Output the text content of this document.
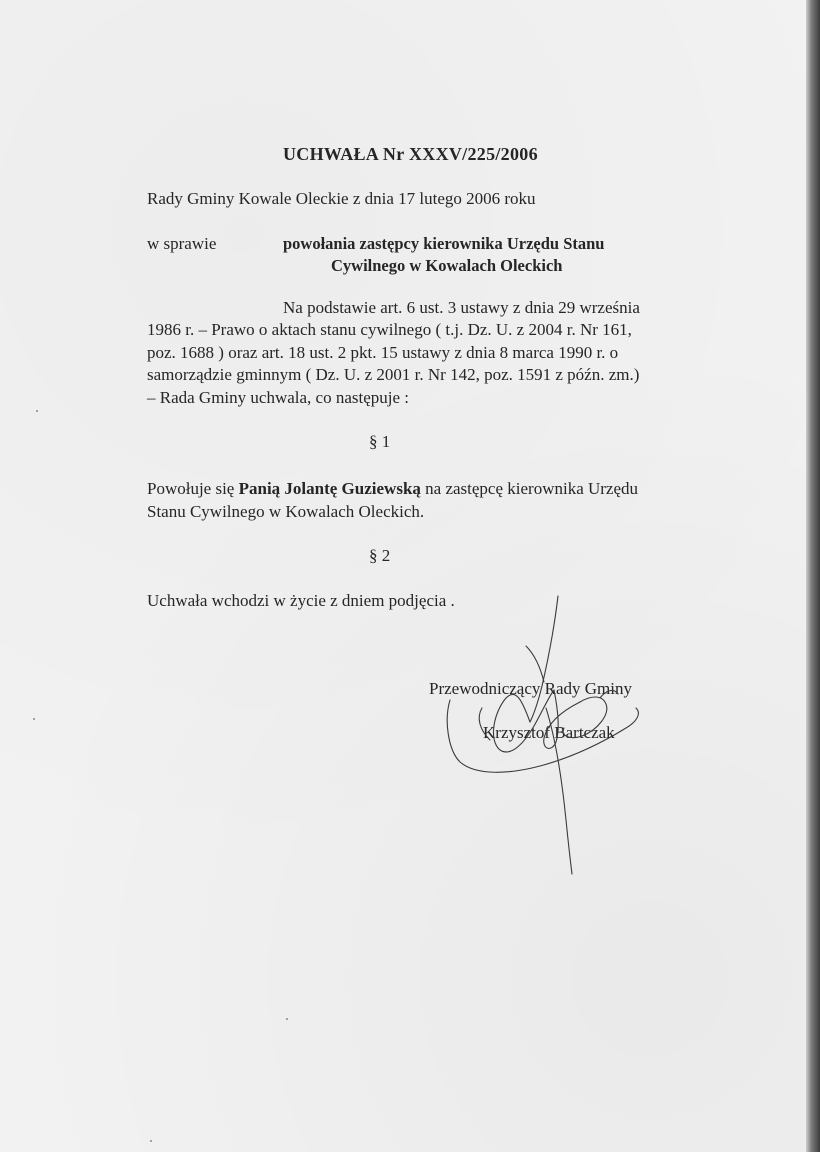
UCHWAŁA Nr XXXV/225/2006
Rady Gminy Kowale Oleckie z dnia 17 lutego 2006 roku
w sprawie	powołania zastępcy kierownika Urzędu Stanu
Cywilnego w Kowalach Oleckich
Na podstawie art. 6 ust. 3 ustawy z dnia 29 września
1986 r. – Prawo o aktach stanu cywilnego ( t.j. Dz. U. z 2004 r. Nr 161,
poz. 1688 ) oraz art. 18 ust. 2 pkt. 15 ustawy z dnia 8 marca 1990 r. o
samorządzie gminnym ( Dz. U. z 2001 r. Nr 142, poz. 1591 z późn. zm.)
– Rada Gminy uchwala, co następuje :
§ 1
Powołuje się Panią Jolantę Guziewską na zastępcę kierownika Urzędu
Stanu Cywilnego w Kowalach Oleckich.
§ 2
Uchwała wchodzi w życie z dniem podjęcia .
Przewodniczący Rady Gminy
Krzysztof Bartczak
